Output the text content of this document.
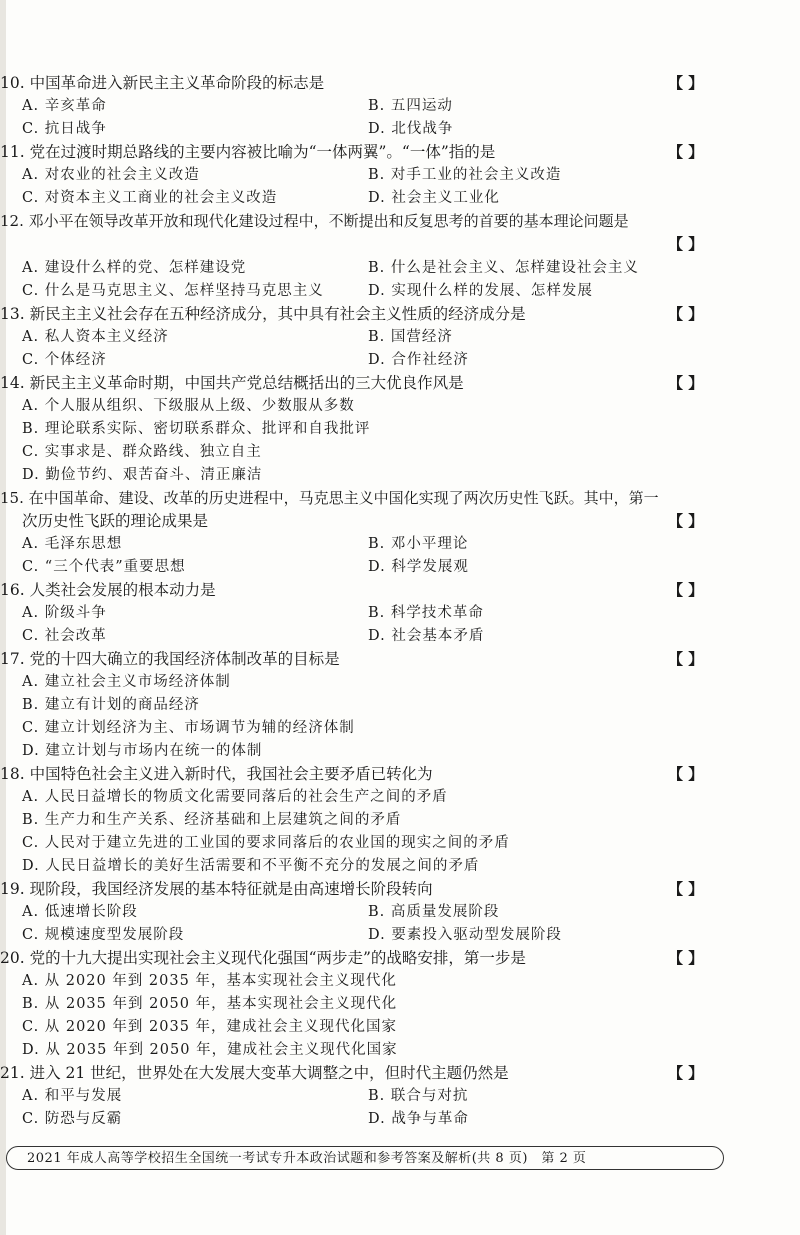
10. 中国革命进入新民主主义革命阶段的标志是	【 】
A. 辛亥革命	B. 五四运动
C. 抗日战争	D. 北伐战争
11. 党在过渡时期总路线的主要内容被比喻为“一体两翼”。“一体”指的是	【 】
A. 对农业的社会主义改造	B. 对手工业的社会主义改造
C. 对资本主义工商业的社会主义改造	D. 社会主义工业化
12. 邓小平在领导改革开放和现代化建设过程中，不断提出和反复思考的首要的基本理论问题是
【 】
A. 建设什么样的党、怎样建设党	B. 什么是社会主义、怎样建设社会主义
C. 什么是马克思主义、怎样坚持马克思主义	D. 实现什么样的发展、怎样发展
13. 新民主主义社会存在五种经济成分，其中具有社会主义性质的经济成分是	【 】
A. 私人资本主义经济	B. 国营经济
C. 个体经济	D. 合作社经济
14. 新民主主义革命时期，中国共产党总结概括出的三大优良作风是	【 】
A. 个人服从组织、下级服从上级、少数服从多数
B. 理论联系实际、密切联系群众、批评和自我批评
C. 实事求是、群众路线、独立自主
D. 勤俭节约、艰苦奋斗、清正廉洁
15. 在中国革命、建设、改革的历史进程中，马克思主义中国化实现了两次历史性飞跃。其中，第一
次历史性飞跃的理论成果是	【 】
A. 毛泽东思想	B. 邓小平理论
C. “三个代表”重要思想	D. 科学发展观
16. 人类社会发展的根本动力是	【 】
A. 阶级斗争	B. 科学技术革命
C. 社会改革	D. 社会基本矛盾
17. 党的十四大确立的我国经济体制改革的目标是	【 】
A. 建立社会主义市场经济体制
B. 建立有计划的商品经济
C. 建立计划经济为主、市场调节为辅的经济体制
D. 建立计划与市场内在统一的体制
18. 中国特色社会主义进入新时代，我国社会主要矛盾已转化为	【 】
A. 人民日益增长的物质文化需要同落后的社会生产之间的矛盾
B. 生产力和生产关系、经济基础和上层建筑之间的矛盾
C. 人民对于建立先进的工业国的要求同落后的农业国的现实之间的矛盾
D. 人民日益增长的美好生活需要和不平衡不充分的发展之间的矛盾
19. 现阶段，我国经济发展的基本特征就是由高速增长阶段转向	【 】
A. 低速增长阶段	B. 高质量发展阶段
C. 规模速度型发展阶段	D. 要素投入驱动型发展阶段
20. 党的十九大提出实现社会主义现代化强国“两步走”的战略安排，第一步是	【 】
A. 从 2020 年到 2035 年，基本实现社会主义现代化
B. 从 2035 年到 2050 年，基本实现社会主义现代化
C. 从 2020 年到 2035 年，建成社会主义现代化国家
D. 从 2035 年到 2050 年，建成社会主义现代化国家
21. 进入 21 世纪，世界处在大发展大变革大调整之中，但时代主题仍然是	【 】
A. 和平与发展	B. 联合与对抗
C. 防恐与反霸	D. 战争与革命
2021 年成人高等学校招生全国统一考试专升本政治试题和参考答案及解析(共 8 页)　第 2 页
